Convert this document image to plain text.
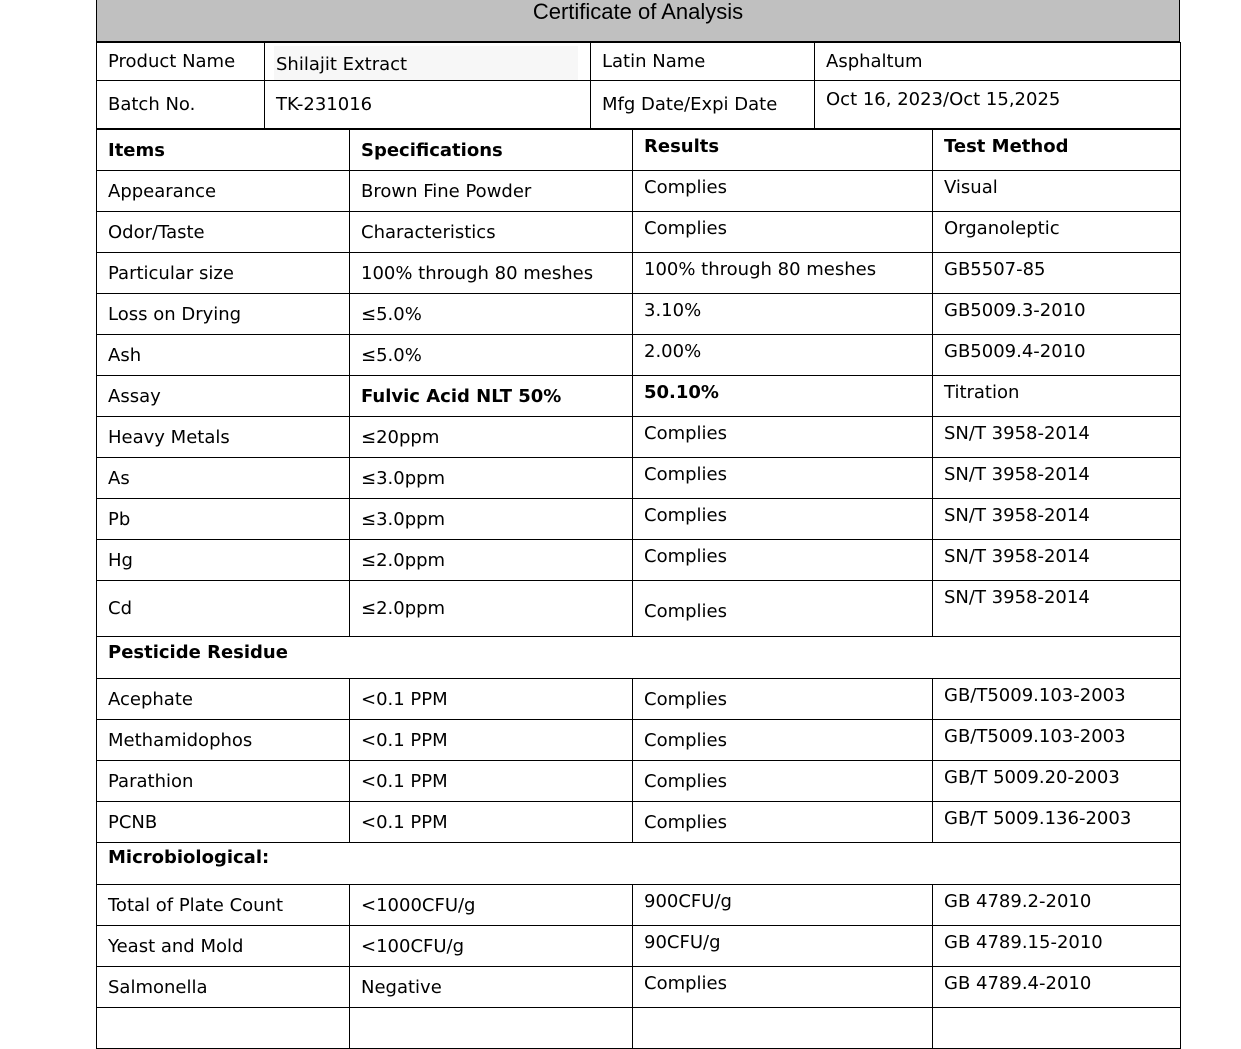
Certificate of Analysis
Product Name	Shilajit Extract	Latin Name	Asphaltum
Batch No.	TK-231016	Mfg Date/Expi Date	Oct 16, 2023/Oct 15,2025
Items	Specifications	Results	Test Method
Appearance	Brown Fine Powder	Complies	Visual
Odor/Taste	Characteristics	Complies	Organoleptic
Particular size	100% through 80 meshes	100% through 80 meshes	GB5507-85
Loss on Drying	≤5.0%	3.10%	GB5009.3-2010
Ash	≤5.0%	2.00%	GB5009.4-2010
Assay	Fulvic Acid NLT 50%	50.10%	Titration
Heavy Metals	≤20ppm	Complies	SN/T 3958-2014
As	≤3.0ppm	Complies	SN/T 3958-2014
Pb	≤3.0ppm	Complies	SN/T 3958-2014
Hg	≤2.0ppm	Complies	SN/T 3958-2014
Cd	≤2.0ppm	Complies	SN/T 3958-2014
Pesticide Residue			
Acephate	<0.1 PPM	Complies	GB/T5009.103-2003
Methamidophos	<0.1 PPM	Complies	GB/T5009.103-2003
Parathion	<0.1 PPM	Complies	GB/T 5009.20-2003
PCNB	<0.1 PPM	Complies	GB/T 5009.136-2003
Microbiological:			
Total of Plate Count	<1000CFU/g	900CFU/g	GB 4789.2-2010
Yeast and Mold	<100CFU/g	90CFU/g	GB 4789.15-2010
Salmonella	Negative	Complies	GB 4789.4-2010
